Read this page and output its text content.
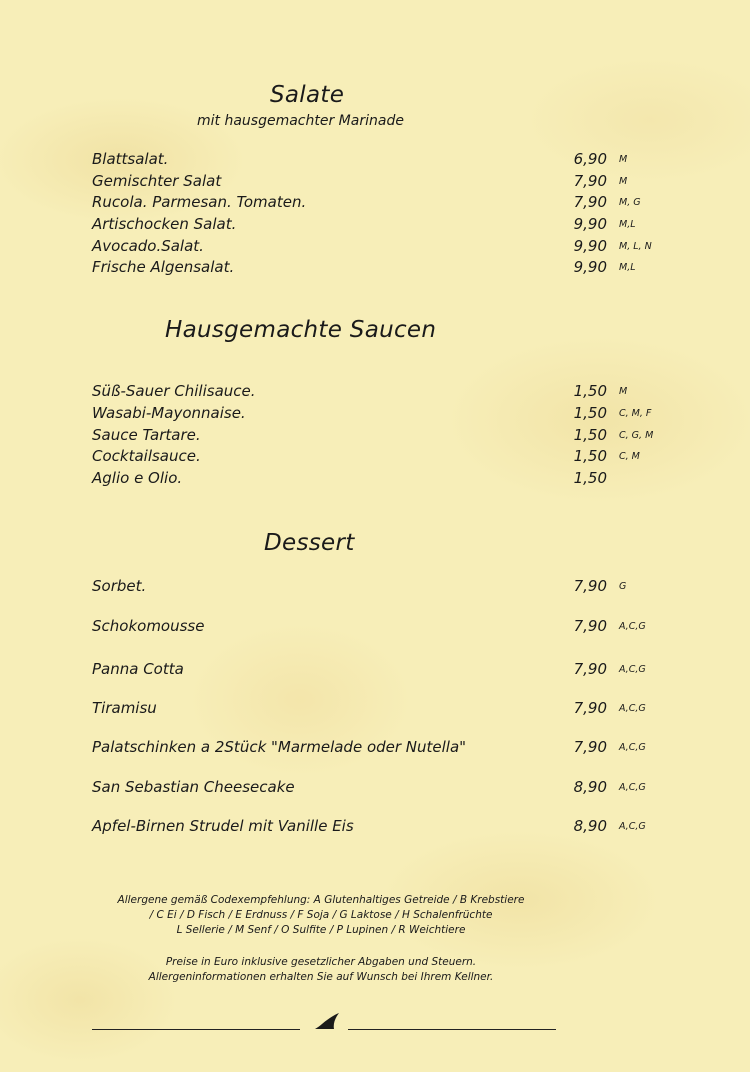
Salate
mit hausgemachter Marinade
Blattsalat.	6,90 M
Gemischter Salat	7,90 M
Rucola. Parmesan. Tomaten.	7,90 M, G
Artischocken Salat.	9,90 M,L
Avocado.Salat.	9,90 M, L, N
Frische Algensalat.	9,90 M,L
Hausgemachte Saucen
Süß-Sauer Chilisauce.	1,50 M
Wasabi-Mayonnaise.	1,50 C, M, F
Sauce Tartare.	1,50 C, G, M
Cocktailsauce.	1,50 C, M
Aglio e Olio.	1,50
Dessert
Sorbet.	7,90 G
Schokomousse	7,90 A,C,G
Panna Cotta	7,90 A,C,G
Tiramisu	7,90 A,C,G
Palatschinken a 2Stück "Marmelade oder Nutella"	7,90 A,C,G
San Sebastian Cheesecake	8,90 A,C,G
Apfel-Birnen Strudel mit Vanille Eis	8,90 A,C,G
Allergene gemäß Codexempfehlung: A Glutenhaltiges Getreide / B Krebstiere
/ C Ei / D Fisch / E Erdnuss / F Soja / G Laktose / H Schalenfrüchte
L Sellerie / M Senf / O Sulfite / P Lupinen / R Weichtiere
Preise in Euro inklusive gesetzlicher Abgaben und Steuern.
Allergeninformationen erhalten Sie auf Wunsch bei Ihrem Kellner.
